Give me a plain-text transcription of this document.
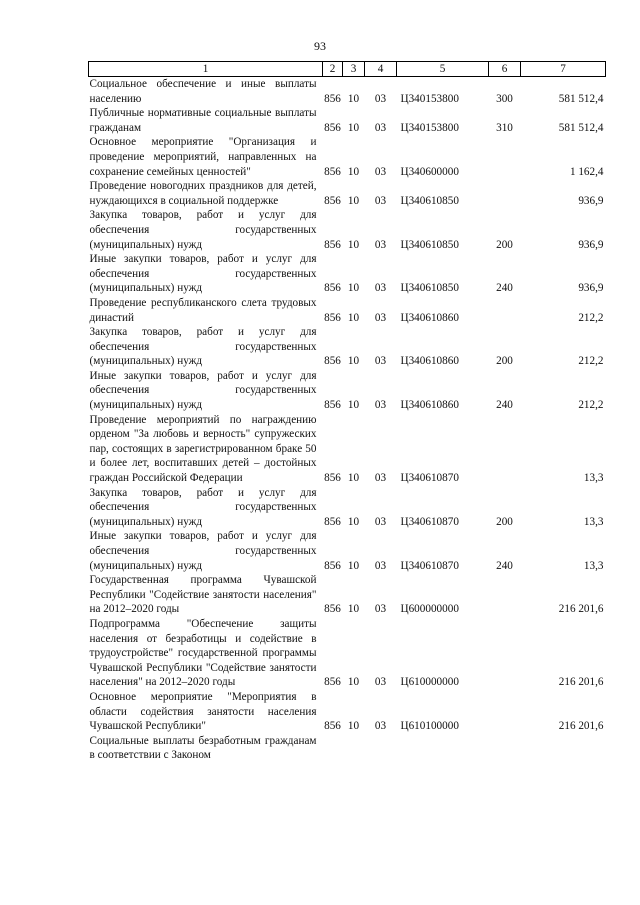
93
1	2	3	4	5	6	7
Социальное обеспечение и иные выплаты населению	856	10	03	Ц340153800	300	581 512,4
Публичные нормативные социальные выплаты гражданам	856	10	03	Ц340153800	310	581 512,4
Основное мероприятие "Организация и проведение мероприятий, направленных на сохранение семейных ценностей"	856	10	03	Ц340600000		1 162,4
Проведение новогодних праздников для детей, нуждающихся в социальной поддержке	856	10	03	Ц340610850		936,9
Закупка товаров, работ и услуг для обеспечения государственных (муниципальных) нужд	856	10	03	Ц340610850	200	936,9
Иные закупки товаров, работ и услуг для обеспечения государственных (муниципальных) нужд	856	10	03	Ц340610850	240	936,9
Проведение республиканского слета трудовых династий	856	10	03	Ц340610860		212,2
Закупка товаров, работ и услуг для обеспечения государственных (муниципальных) нужд	856	10	03	Ц340610860	200	212,2
Иные закупки товаров, работ и услуг для обеспечения государственных (муниципальных) нужд	856	10	03	Ц340610860	240	212,2
Проведение мероприятий по награждению орденом "За любовь и верность" супружеских пар, состоящих в зарегистрированном браке 50 и более лет, воспитавших детей – достойных граждан Российской Федерации	856	10	03	Ц340610870		13,3
Закупка товаров, работ и услуг для обеспечения государственных (муниципальных) нужд	856	10	03	Ц340610870	200	13,3
Иные закупки товаров, работ и услуг для обеспечения государственных (муниципальных) нужд	856	10	03	Ц340610870	240	13,3
Государственная программа Чувашской Республики "Содействие занятости населения" на 2012–2020 годы	856	10	03	Ц600000000		216 201,6
Подпрограмма "Обеспечение защиты населения от безработицы и содействие в трудоустройстве" государственной программы Чувашской Республики "Содействие занятости населения" на 2012–2020 годы	856	10	03	Ц610000000		216 201,6
Основное мероприятие "Мероприятия в области содействия занятости населения Чувашской Республики"	856	10	03	Ц610100000		216 201,6
Социальные выплаты безработным гражданам в соответствии с Законом						
